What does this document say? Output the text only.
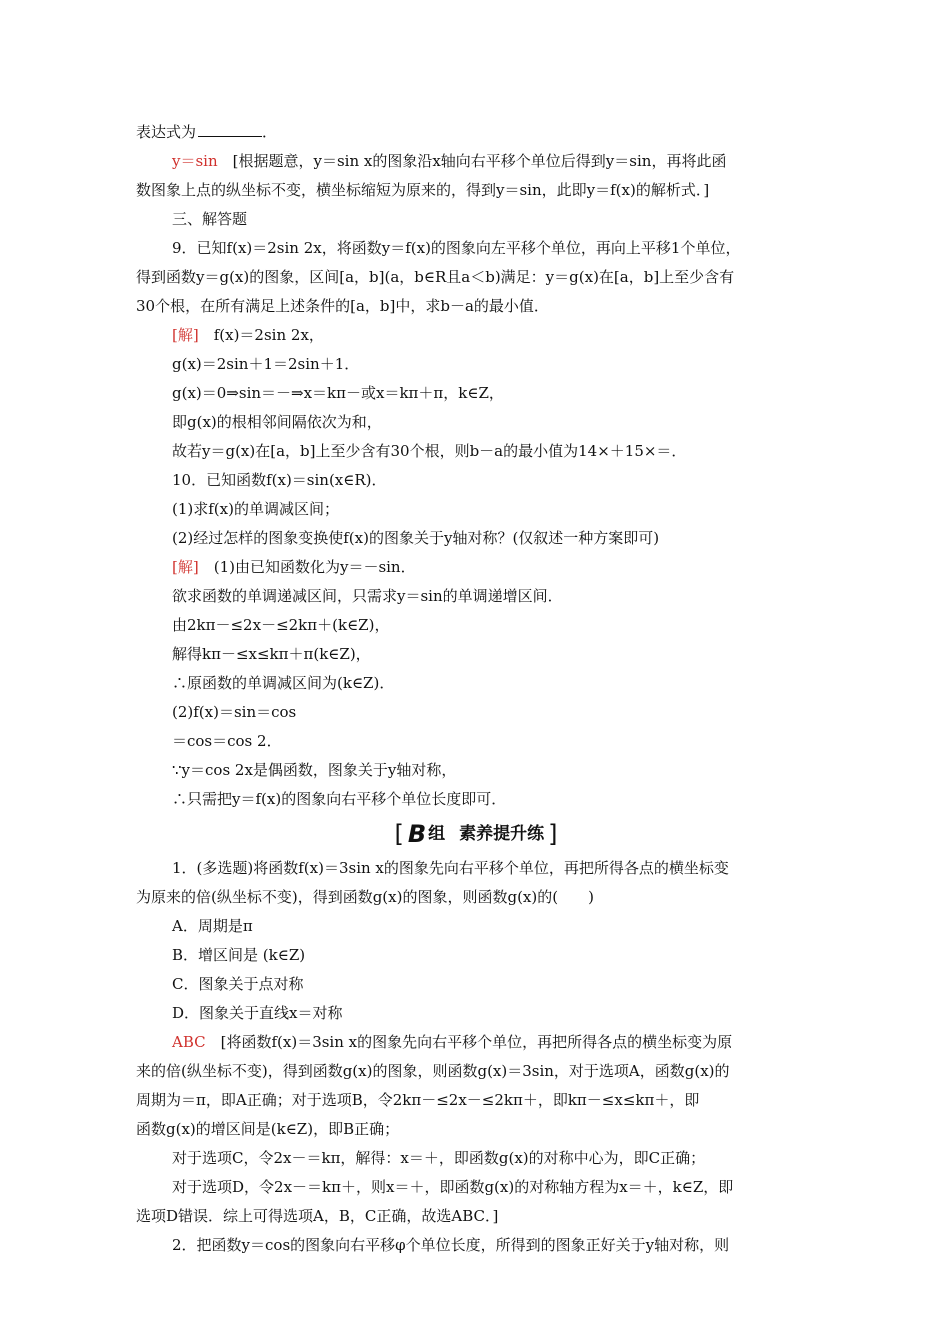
表达式为	．
y＝sin　[根据题意，y＝sin x的图象沿x轴向右平移个单位后得到y＝sin，再将此函
数图象上点的纵坐标不变，横坐标缩短为原来的，得到y＝sin，此即y＝f(x)的解析式．]
三、解答题
9．已知f(x)＝2sin 2x，将函数y＝f(x)的图象向左平移个单位，再向上平移1个单位，
得到函数y＝g(x)的图象，区间[a，b](a，b∈R且a＜b)满足：y＝g(x)在[a，b]上至少含有
30个根，在所有满足上述条件的[a，b]中，求b－a的最小值．
[解]　f(x)＝2sin 2x，
g(x)＝2sin＋1＝2sin＋1．
g(x)＝0⇒sin＝－⇒x＝kπ－或x＝kπ＋π，k∈Z，
即g(x)的根相邻间隔依次为和，
故若y＝g(x)在[a，b]上至少含有30个根，则b－a的最小值为14×＋15×＝．
10．已知函数f(x)＝sin(x∈R)．
(1)求f(x)的单调减区间；
(2)经过怎样的图象变换使f(x)的图象关于y轴对称？(仅叙述一种方案即可)
[解]　(1)由已知函数化为y＝－sin．
欲求函数的单调递减区间，只需求y＝sin的单调递增区间．
由2kπ－≤2x－≤2kπ＋(k∈Z)，
解得kπ－≤x≤kπ＋π(k∈Z)，
∴原函数的单调减区间为(k∈Z)．
(2)f(x)＝sin＝cos
＝cos＝cos 2．
∵y＝cos 2x是偶函数，图象关于y轴对称，
∴只需把y＝f(x)的图象向右平移个单位长度即可．
[ B 组 素养提升练 ]
1．(多选题)将函数f(x)＝3sin x的图象先向右平移个单位，再把所得各点的横坐标变
为原来的倍(纵坐标不变)，得到函数g(x)的图象，则函数g(x)的(　　)
A．周期是π
B．增区间是 (k∈Z)
C．图象关于点对称
D．图象关于直线x＝对称
ABC　[将函数f(x)＝3sin x的图象先向右平移个单位，再把所得各点的横坐标变为原
来的倍(纵坐标不变)，得到函数g(x)的图象，则函数g(x)＝3sin，对于选项A，函数g(x)的
周期为＝π，即A正确；对于选项B，令2kπ－≤2x－≤2kπ＋，即kπ－≤x≤kπ＋，即
函数g(x)的增区间是(k∈Z)，即B正确；
对于选项C，令2x－＝kπ，解得：x＝＋，即函数g(x)的对称中心为，即C正确；
对于选项D，令2x－＝kπ＋，则x＝＋，即函数g(x)的对称轴方程为x＝＋，k∈Z，即
选项D错误．综上可得选项A，B，C正确，故选ABC．]
2．把函数y＝cos的图象向右平移φ个单位长度，所得到的图象正好关于y轴对称，则
